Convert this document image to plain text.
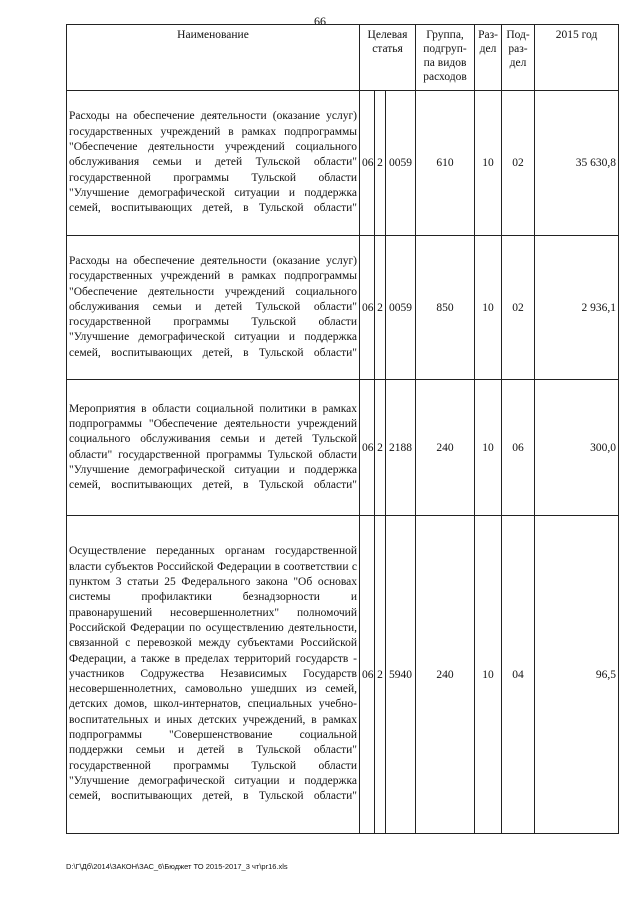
66
Наименование	Целевая статья			Группа, подгруп-па видов расходов	Раз-дел	Под-раз-дел	2015 год
Расходы на обеспечение деятельности (оказание услуг) государственных учреждений в рамках подпрограммы "Обеспечение деятельности учреждений социального обслуживания семьи и детей Тульской области" государственной программы Тульской области "Улучшение демографической ситуации и поддержка семей, воспитывающих детей, в Тульской области"	06	2	0059	610	10	02	35 630,8
Расходы на обеспечение деятельности (оказание услуг) государственных учреждений в рамках подпрограммы "Обеспечение деятельности учреждений социального обслуживания семьи и детей Тульской области" государственной программы Тульской области "Улучшение демографической ситуации и поддержка семей, воспитывающих детей, в Тульской области"	06	2	0059	850	10	02	2 936,1
Мероприятия в области социальной политики в рамках подпрограммы "Обеспечение деятельности учреждений социального обслуживания семьи и детей Тульской области" государственной программы Тульской области "Улучшение демографической ситуации и поддержка семей, воспитывающих детей, в Тульской области"	06	2	2188	240	10	06	300,0
Осуществление переданных органам государственной власти субъектов Российской Федерации в соответствии с пунктом 3 статьи 25 Федерального закона "Об основах системы профилактики безнадзорности и правонарушений несовершеннолетних" полномочий Российской Федерации по осуществлению деятельности, связанной с перевозкой между субъектами Российской Федерации, а также в пределах территорий государств - участников Содружества Независимых Государств несовершеннолетних, самовольно ушедших из семей, детских домов, школ-интернатов, специальных учебно-воспитательных и иных детских учреждений, в рамках подпрограммы "Совершенствование социальной поддержки семьи и детей в Тульской области" государственной программы Тульской области "Улучшение демографической ситуации и поддержка семей, воспитывающих детей, в Тульской области"	06	2	5940	240	10	04	96,5
D:\Г\Дб\2014\ЗАКОН\ЗАС_6\Бюджет ТО 2015-2017_3 чт\pr16.xls
